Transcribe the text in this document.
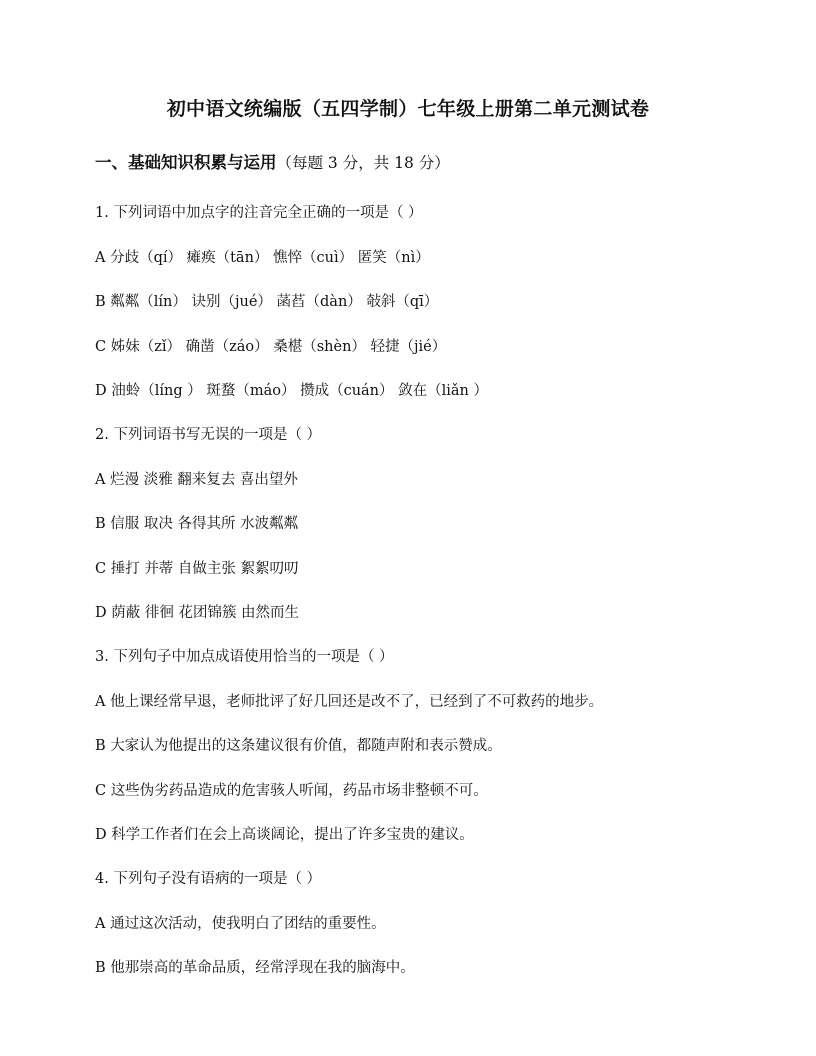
初中语文统编版（五四学制）七年级上册第二单元测试卷
一、基础知识积累与运用（每题 3 分，共 18 分）
1. 下列词语中加点字的注音完全正确的一项是（ ）
A 分歧（qí） 瘫痪（tān） 憔悴（cuì） 匿笑（nì）
B 粼粼（lín） 诀别（jué） 菡萏（dàn） 敧斜（qī）
C 姊妹（zǐ） 确凿（záo） 桑椹（shèn） 轻捷（jié）
D 油蛉（líng ） 斑蝥（máo） 攒成（cuán） 敛在（liǎn ）
2. 下列词语书写无误的一项是（ ）
A 烂漫 淡雅 翻来复去 喜出望外
B 信服 取决 各得其所 水波粼粼
C 捶打 并蒂 自做主张 絮絮叨叨
D 荫蔽 徘徊 花团锦簇 由然而生
3. 下列句子中加点成语使用恰当的一项是（ ）
A 他上课经常早退，老师批评了好几回还是改不了，已经到了不可救药的地步。
B 大家认为他提出的这条建议很有价值，都随声附和表示赞成。
C 这些伪劣药品造成的危害骇人听闻，药品市场非整顿不可。
D 科学工作者们在会上高谈阔论，提出了许多宝贵的建议。
4. 下列句子没有语病的一项是（ ）
A 通过这次活动，使我明白了团结的重要性。
B 他那崇高的革命品质，经常浮现在我的脑海中。
